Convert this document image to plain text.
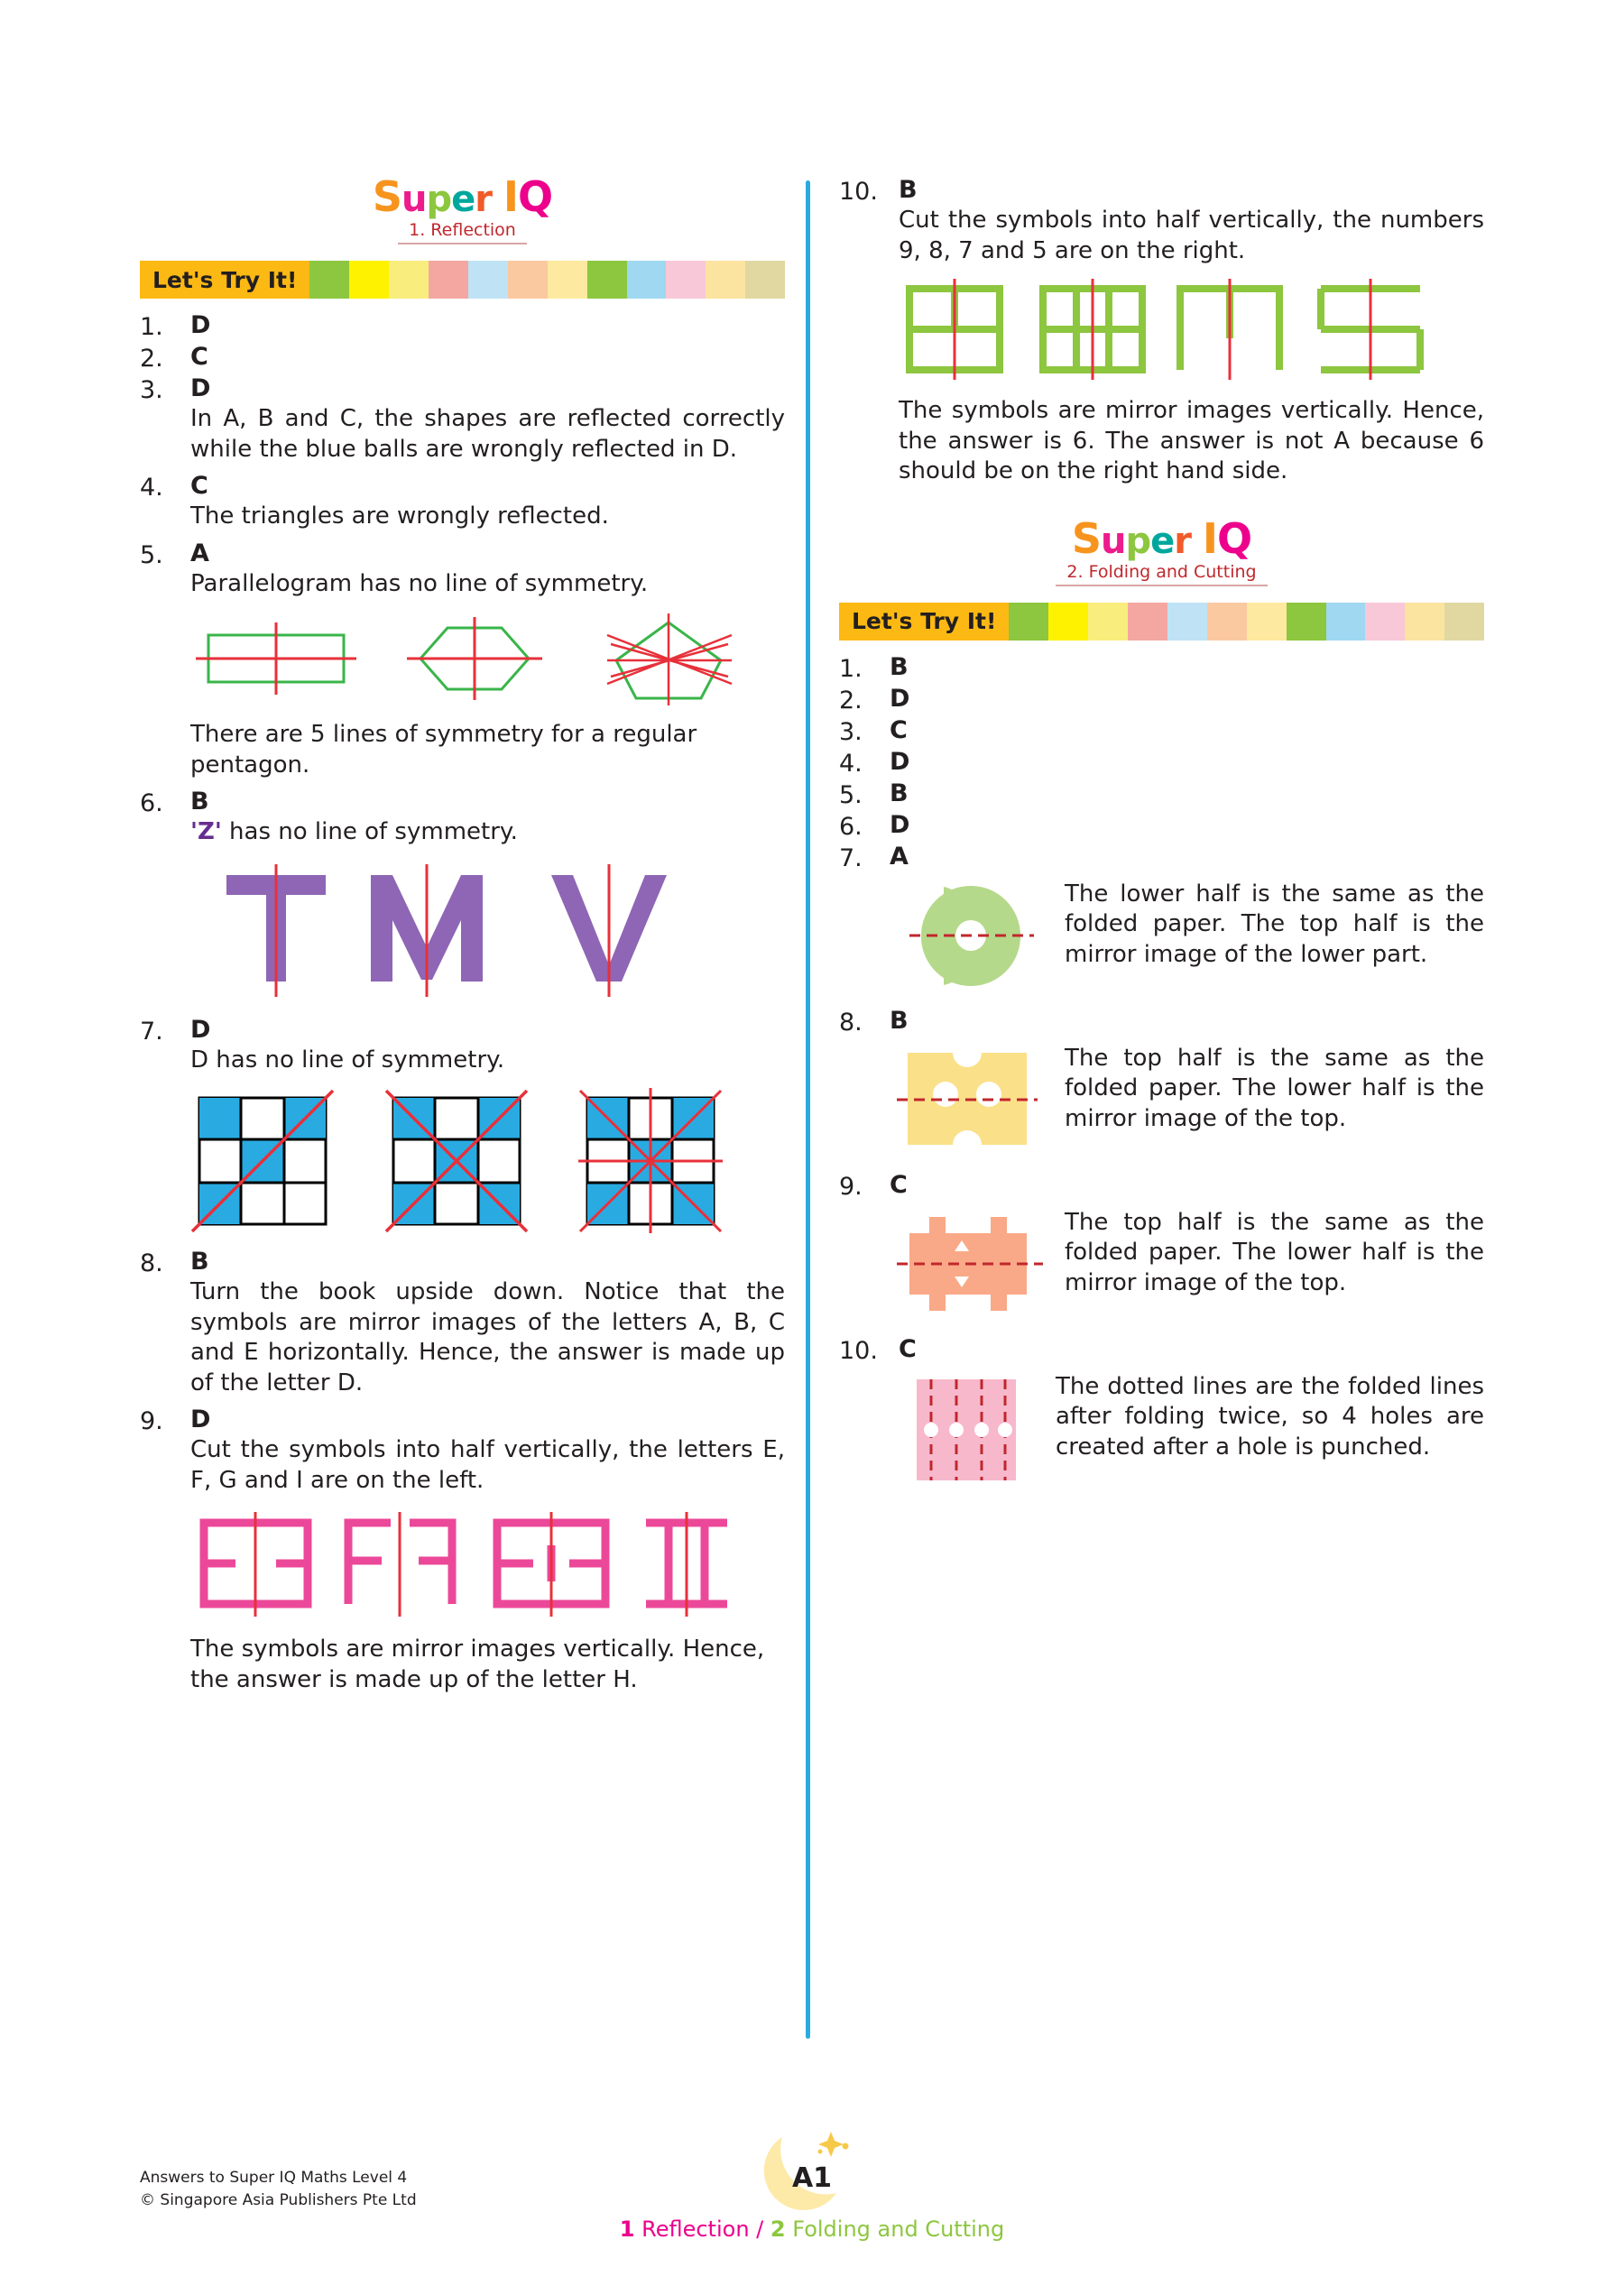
Super IQ
1. Reflection
Let's Try It!
1.	D
2.	C
3.	D
In A, B and C, the shapes are reflected correctly while the blue balls are wrongly reflected in D.
4.	C
The triangles are wrongly reflected.
5.	A
Parallelogram has no line of symmetry.
There are 5 lines of symmetry for a regular pentagon.
6.	B
'Z' has no line of symmetry.
7.	D
D has no line of symmetry.
8.	B
Turn the book upside down. Notice that the symbols are mirror images of the letters A, B, C and E horizontally. Hence, the answer is made up of the letter D.
9.	D
Cut the symbols into half vertically, the letters E, F, G and I are on the left.
The symbols are mirror images vertically. Hence, the answer is made up of the letter H.
10. B
Cut the symbols into half vertically, the numbers 9, 8, 7 and 5 are on the right.
The symbols are mirror images vertically. Hence, the answer is 6. The answer is not A because 6 should be on the right hand side.
Super IQ
2. Folding and Cutting
Let's Try It!
1.	B
2.	D
3.	C
4.	D
5.	B
6.	D
7.	A
The lower half is the same as the folded paper. The top half is the mirror image of the lower part.
8.	B
The top half is the same as the folded paper. The lower half is the mirror image of the top.
9.	C
The top half is the same as the folded paper. The lower half is the mirror image of the top.
10. C
The dotted lines are the folded lines after folding twice, so 4 holes are created after a hole is punched.
Answers to Super IQ Maths Level 4
© Singapore Asia Publishers Pte Ltd
A1
1 Reflection / 2 Folding and Cutting
